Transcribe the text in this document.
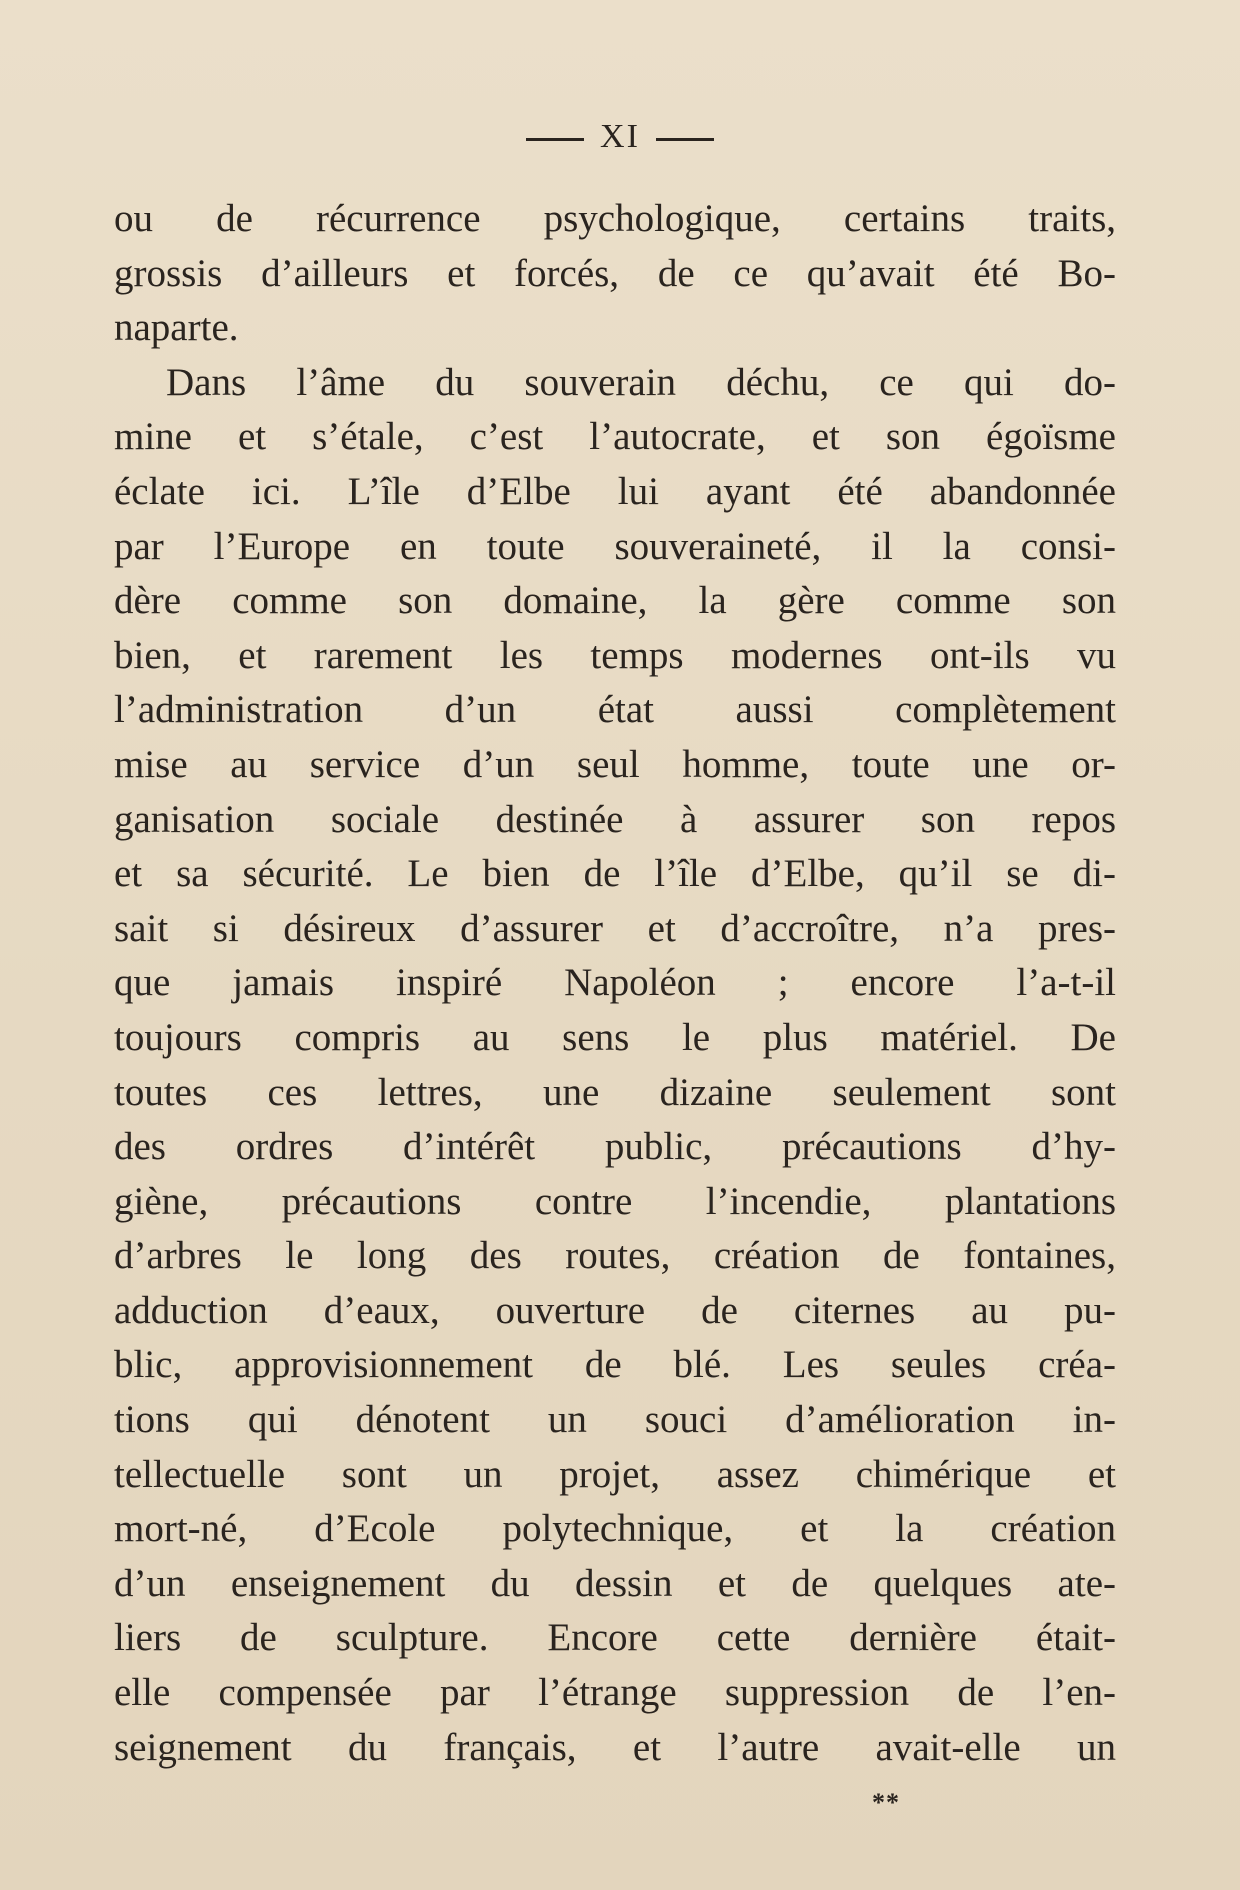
XI
ou de récurrence psychologique, certains traits,
grossis d’ailleurs et forcés, de ce qu’avait été Bo-
naparte.
Dans l’âme du souverain déchu, ce qui do-
mine et s’étale, c’est l’autocrate, et son égoïsme
éclate ici. L’île d’Elbe lui ayant été abandonnée
par l’Europe en toute souveraineté, il la consi-
dère comme son domaine, la gère comme son
bien, et rarement les temps modernes ont-ils vu
l’administration d’un état aussi complètement
mise au service d’un seul homme, toute une or-
ganisation sociale destinée à assurer son repos
et sa sécurité. Le bien de l’île d’Elbe, qu’il se di-
sait si désireux d’assurer et d’accroître, n’a pres-
que jamais inspiré Napoléon ; encore l’a-t-il
toujours compris au sens le plus matériel. De
toutes ces lettres, une dizaine seulement sont
des ordres d’intérêt public, précautions d’hy-
giène, précautions contre l’incendie, plantations
d’arbres le long des routes, création de fontaines,
adduction d’eaux, ouverture de citernes au pu-
blic, approvisionnement de blé. Les seules créa-
tions qui dénotent un souci d’amélioration in-
tellectuelle sont un projet, assez chimérique et
mort-né, d’Ecole polytechnique, et la création
d’un enseignement du dessin et de quelques ate-
liers de sculpture. Encore cette dernière était-
elle compensée par l’étrange suppression de l’en-
seignement du français, et l’autre avait-elle un
**
